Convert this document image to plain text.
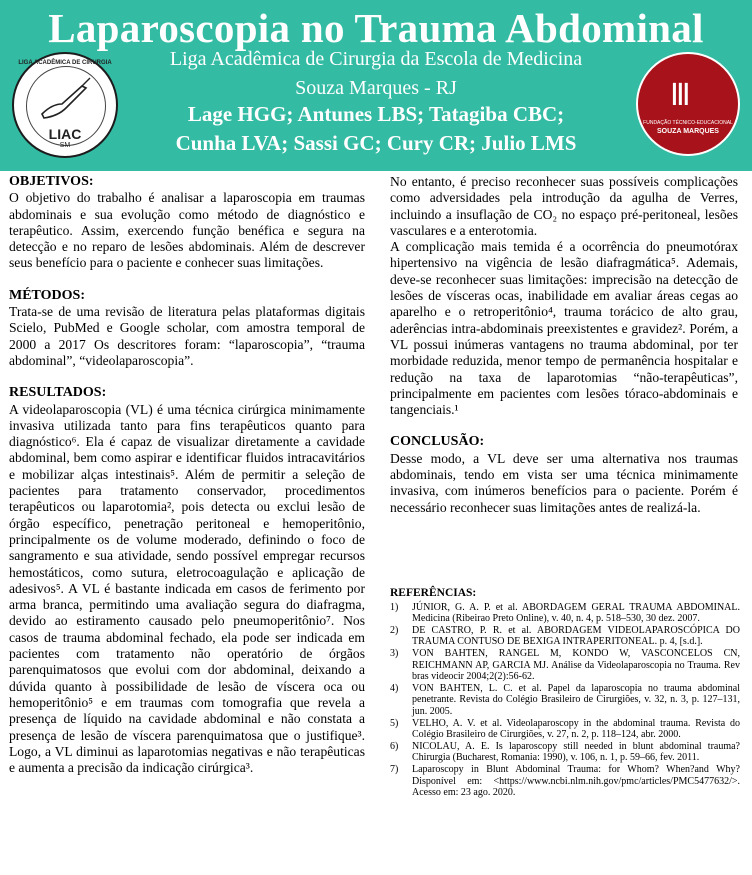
LIGA ACADÊMICA DE CIRURGIA
LIAC
SM
Laparoscopia no Trauma Abdominal
Liga Acadêmica de Cirurgia da Escola de Medicina
Souza Marques - RJ
Lage HGG; Antunes LBS; Tatagiba CBC;
Cunha LVA; Sassi GC; Cury CR; Julio LMS
Ⅲ
FUNDAÇÃO TÉCNICO-EDUCACIONAL
SOUZA MARQUES
OBJETIVOS:
O objetivo do trabalho é analisar a laparoscopia em traumas abdominais e sua evolução como método de diagnóstico e terapêutico. Assim, exercendo função benéfica e segura na detecção e no reparo de lesões abdominais. Além de descrever seus benefício para o paciente e conhecer suas limitações.
MÉTODOS:
Trata-se de uma revisão de literatura pelas plataformas digitais Scielo, PubMed e Google scholar, com amostra temporal de 2000 a 2017 Os descritores foram: “laparoscopia”, “trauma abdominal”, “videolaparoscopia”.
RESULTADOS:
A videolaparoscopia (VL) é uma técnica cirúrgica minimamente invasiva utilizada tanto para fins terapêuticos quanto para diagnóstico⁶. Ela é capaz de visualizar diretamente a cavidade abdominal, bem como aspirar e identificar fluidos intracavitários e mobilizar alças intestinais⁵. Além de permitir a seleção de pacientes para tratamento conservador, procedimentos terapêuticos ou laparotomia², pois detecta ou exclui lesão de órgão específico, penetração peritoneal e hemoperitônio, principalmente os de volume moderado, definindo o foco de sangramento e sua atividade, sendo possível empregar recursos hemostáticos, como sutura, eletrocoagulação e aplicação de adesivos⁵. A VL é bastante indicada em casos de ferimento por arma branca, permitindo uma avaliação segura do diafragma, devido ao estiramento causado pelo pneumoperitônio⁷. Nos casos de trauma abdominal fechado, ela pode ser indicada em pacientes com tratamento não operatório de órgãos parenquimatosos que evolui com dor abdominal, deixando a dúvida quanto à possibilidade de lesão de víscera oca ou hemoperitônio⁵ e em traumas com tomografia que revela a presença de líquido na cavidade abdominal e não constata a presença de lesão de víscera parenquimatosa que o justifique³. Logo, a VL diminui as laparotomias negativas e não terapêuticas e aumenta a precisão da indicação cirúrgica³.
No entanto, é preciso reconhecer suas possíveis complicações como adversidades pela introdução da agulha de Verres, incluindo a insuflação de CO₂ no espaço pré-peritoneal, lesões vasculares e a enterotomia.
A complicação mais temida é a ocorrência do pneumotórax hipertensivo na vigência de lesão diafragmática⁵. Ademais, deve-se reconhecer suas limitações: imprecisão na detecção de lesões de vísceras ocas, inabilidade em avaliar áreas cegas ao aparelho e o retroperitônio⁴, trauma torácico de alto grau, aderências intra-abdominais preexistentes e gravidez². Porém, a VL possui inúmeras vantagens no trauma abdominal, por ter morbidade reduzida, menor tempo de permanência hospitalar e redução na taxa de laparotomias “não-terapêuticas”, principalmente em pacientes com lesões tóraco-abdominais e tangenciais.¹
CONCLUSÃO:
Desse modo, a VL deve ser uma alternativa nos traumas abdominais, tendo em vista ser uma técnica minimamente invasiva, com inúmeros benefícios para o paciente. Porém é necessário reconhecer suas limitações antes de realizá-la.
REFERÊNCIAS:
1) JÚNIOR, G. A. P. et al. ABORDAGEM GERAL TRAUMA ABDOMINAL. Medicina (Ribeirao Preto Online), v. 40, n. 4, p. 518–530, 30 dez. 2007.
2) DE CASTRO, P. R. et al. ABORDAGEM VIDEOLAPAROSCÓPICA DO TRAUMA CONTUSO DE BEXIGA INTRAPERITONEAL. p. 4, [s.d.].
3) VON BAHTEN, RANGEL M, KONDO W, VASCONCELOS CN, REICHMANN AP, GARCIA MJ. Análise da Videolaparoscopia no Trauma. Rev bras videocir 2004;2(2):56-62.
4) VON BAHTEN, L. C. et al. Papel da laparoscopia no trauma abdominal penetrante. Revista do Colégio Brasileiro de Cirurgiões, v. 32, n. 3, p. 127–131, jun. 2005.
5) VELHO, A. V. et al. Videolaparoscopy in the abdominal trauma. Revista do Colégio Brasileiro de Cirurgiões, v. 27, n. 2, p. 118–124, abr. 2000.
6) NICOLAU, A. E. Is laparoscopy still needed in blunt abdominal trauma? Chirurgia (Bucharest, Romania: 1990), v. 106, n. 1, p. 59–66, fev. 2011.
7) Laparoscopy in Blunt Abdominal Trauma: for Whom? When?and Why? Disponível em: <https://www.ncbi.nlm.nih.gov/pmc/articles/PMC5477632/>. Acesso em: 23 ago. 2020.
